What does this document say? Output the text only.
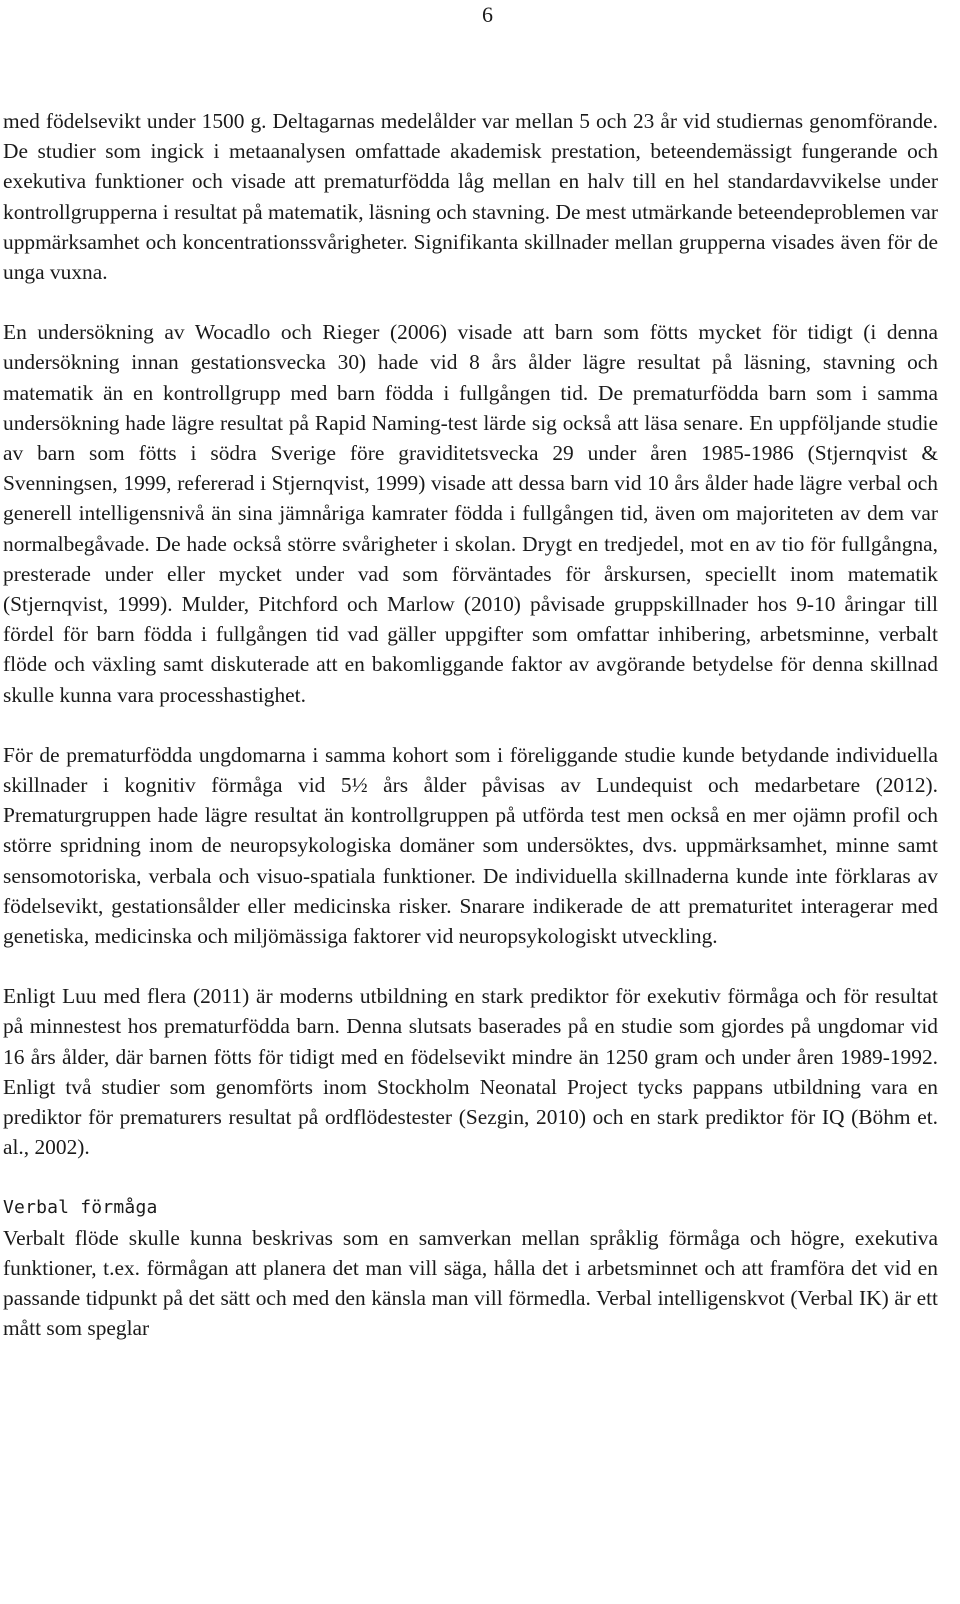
6

med födelsevikt under 1500 g. Deltagarnas medelålder var mellan 5 och 23 år vid studiernas genomförande. De studier som ingick i metaanalysen omfattade akademisk prestation, beteendemässigt fungerande och exekutiva funktioner och visade att prematurfödda låg mellan en halv till en hel standardavvikelse under kontrollgrupperna i resultat på matematik, läsning och stavning. De mest utmärkande beteendeproblemen var uppmärksamhet och koncentrationssvårigheter. Signifikanta skillnader mellan grupperna visades även för de unga vuxna.

En undersökning av Wocadlo och Rieger (2006) visade att barn som fötts mycket för tidigt (i denna undersökning innan gestationsvecka 30) hade vid 8 års ålder lägre resultat på läsning, stavning och matematik än en kontrollgrupp med barn födda i fullgången tid. De prematurfödda barn som i samma undersökning hade lägre resultat på Rapid Naming-test lärde sig också att läsa senare. En uppföljande studie av barn som fötts i södra Sverige före graviditetsvecka 29 under åren 1985-1986 (Stjernqvist & Svenningsen, 1999, refererad i Stjernqvist, 1999) visade att dessa barn vid 10 års ålder hade lägre verbal och generell intelligensnivå än sina jämnåriga kamrater födda i fullgången tid, även om majoriteten av dem var normalbegåvade. De hade också större svårigheter i skolan. Drygt en tredjedel, mot en av tio för fullgångna, presterade under eller mycket under vad som förväntades för årskursen, speciellt inom matematik (Stjernqvist, 1999). Mulder, Pitchford och Marlow (2010) påvisade gruppskillnader hos 9-10 åringar till fördel för barn födda i fullgången tid vad gäller uppgifter som omfattar inhibering, arbetsminne, verbalt flöde och växling samt diskuterade att en bakomliggande faktor av avgörande betydelse för denna skillnad skulle kunna vara processhastighet.

För de prematurfödda ungdomarna i samma kohort som i föreliggande studie kunde betydande individuella skillnader i kognitiv förmåga vid 5½ års ålder påvisas av Lundequist och medarbetare (2012). Prematurgruppen hade lägre resultat än kontrollgruppen på utförda test men också en mer ojämn profil och större spridning inom de neuropsykologiska domäner som undersöktes, dvs. uppmärksamhet, minne samt sensomotoriska, verbala och visuo-spatiala funktioner. De individuella skillnaderna kunde inte förklaras av födelsevikt, gestationsålder eller medicinska risker. Snarare indikerade de att prematuritet interagerar med genetiska, medicinska och miljömässiga faktorer vid neuropsykologiskt utveckling.

Enligt Luu med flera (2011) är moderns utbildning en stark prediktor för exekutiv förmåga och för resultat på minnestest hos prematurfödda barn. Denna slutsats baserades på en studie som gjordes på ungdomar vid 16 års ålder, där barnen fötts för tidigt med en födelsevikt mindre än 1250 gram och under åren 1989-1992. Enligt två studier som genomförts inom Stockholm Neonatal Project tycks pappans utbildning vara en prediktor för prematurers resultat på ordflödestester (Sezgin, 2010) och en stark prediktor för IQ (Böhm et. al., 2002).

Verbal förmåga

Verbalt flöde skulle kunna beskrivas som en samverkan mellan språklig förmåga och högre, exekutiva funktioner, t.ex. förmågan att planera det man vill säga, hålla det i arbetsminnet och att framföra det vid en passande tidpunkt på det sätt och med den känsla man vill förmedla. Verbal intelligenskvot (Verbal IK) är ett mått som speglar
